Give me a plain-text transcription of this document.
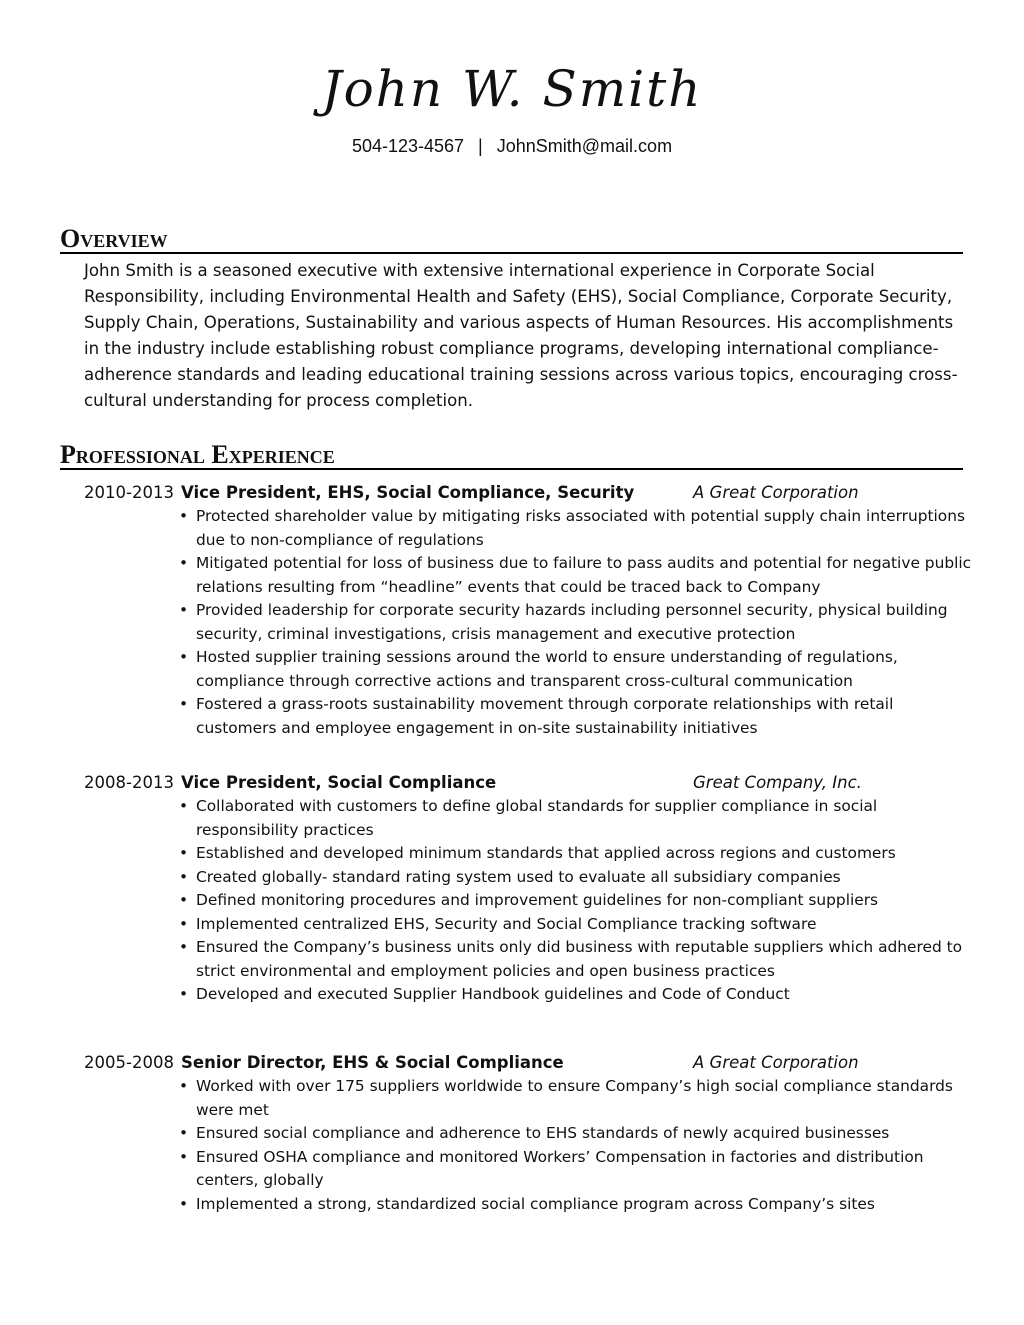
John W. Smith
504-123-4567 | JohnSmith@mail.com
Overview
John Smith is a seasoned executive with extensive international experience in Corporate Social Responsibility, including Environmental Health and Safety (EHS), Social Compliance, Corporate Security, Supply Chain, Operations, Sustainability and various aspects of Human Resources. His accomplishments in the industry include establishing robust compliance programs, developing international compliance-adherence standards and leading educational training sessions across various topics, encouraging cross-cultural understanding for process completion.
Professional Experience
2010-2013 Vice President, EHS, Social Compliance, Security	A Great Corporation
• Protected shareholder value by mitigating risks associated with potential supply chain interruptions due to non-compliance of regulations
• Mitigated potential for loss of business due to failure to pass audits and potential for negative public relations resulting from “headline” events that could be traced back to Company
• Provided leadership for corporate security hazards including personnel security, physical building security, criminal investigations, crisis management and executive protection
• Hosted supplier training sessions around the world to ensure understanding of regulations, compliance through corrective actions and transparent cross-cultural communication
• Fostered a grass-roots sustainability movement through corporate relationships with retail customers and employee engagement in on-site sustainability initiatives
2008-2013 Vice President, Social Compliance	Great Company, Inc.
• Collaborated with customers to define global standards for supplier compliance in social responsibility practices
• Established and developed minimum standards that applied across regions and customers
• Created globally- standard rating system used to evaluate all subsidiary companies
• Defined monitoring procedures and improvement guidelines for non-compliant suppliers
• Implemented centralized EHS, Security and Social Compliance tracking software
• Ensured the Company’s business units only did business with reputable suppliers which adhered to strict environmental and employment policies and open business practices
• Developed and executed Supplier Handbook guidelines and Code of Conduct
2005-2008 Senior Director, EHS & Social Compliance	A Great Corporation
• Worked with over 175 suppliers worldwide to ensure Company’s high social compliance standards were met
• Ensured social compliance and adherence to EHS standards of newly acquired businesses
• Ensured OSHA compliance and monitored Workers’ Compensation in factories and distribution centers, globally
• Implemented a strong, standardized social compliance program across Company’s sites
